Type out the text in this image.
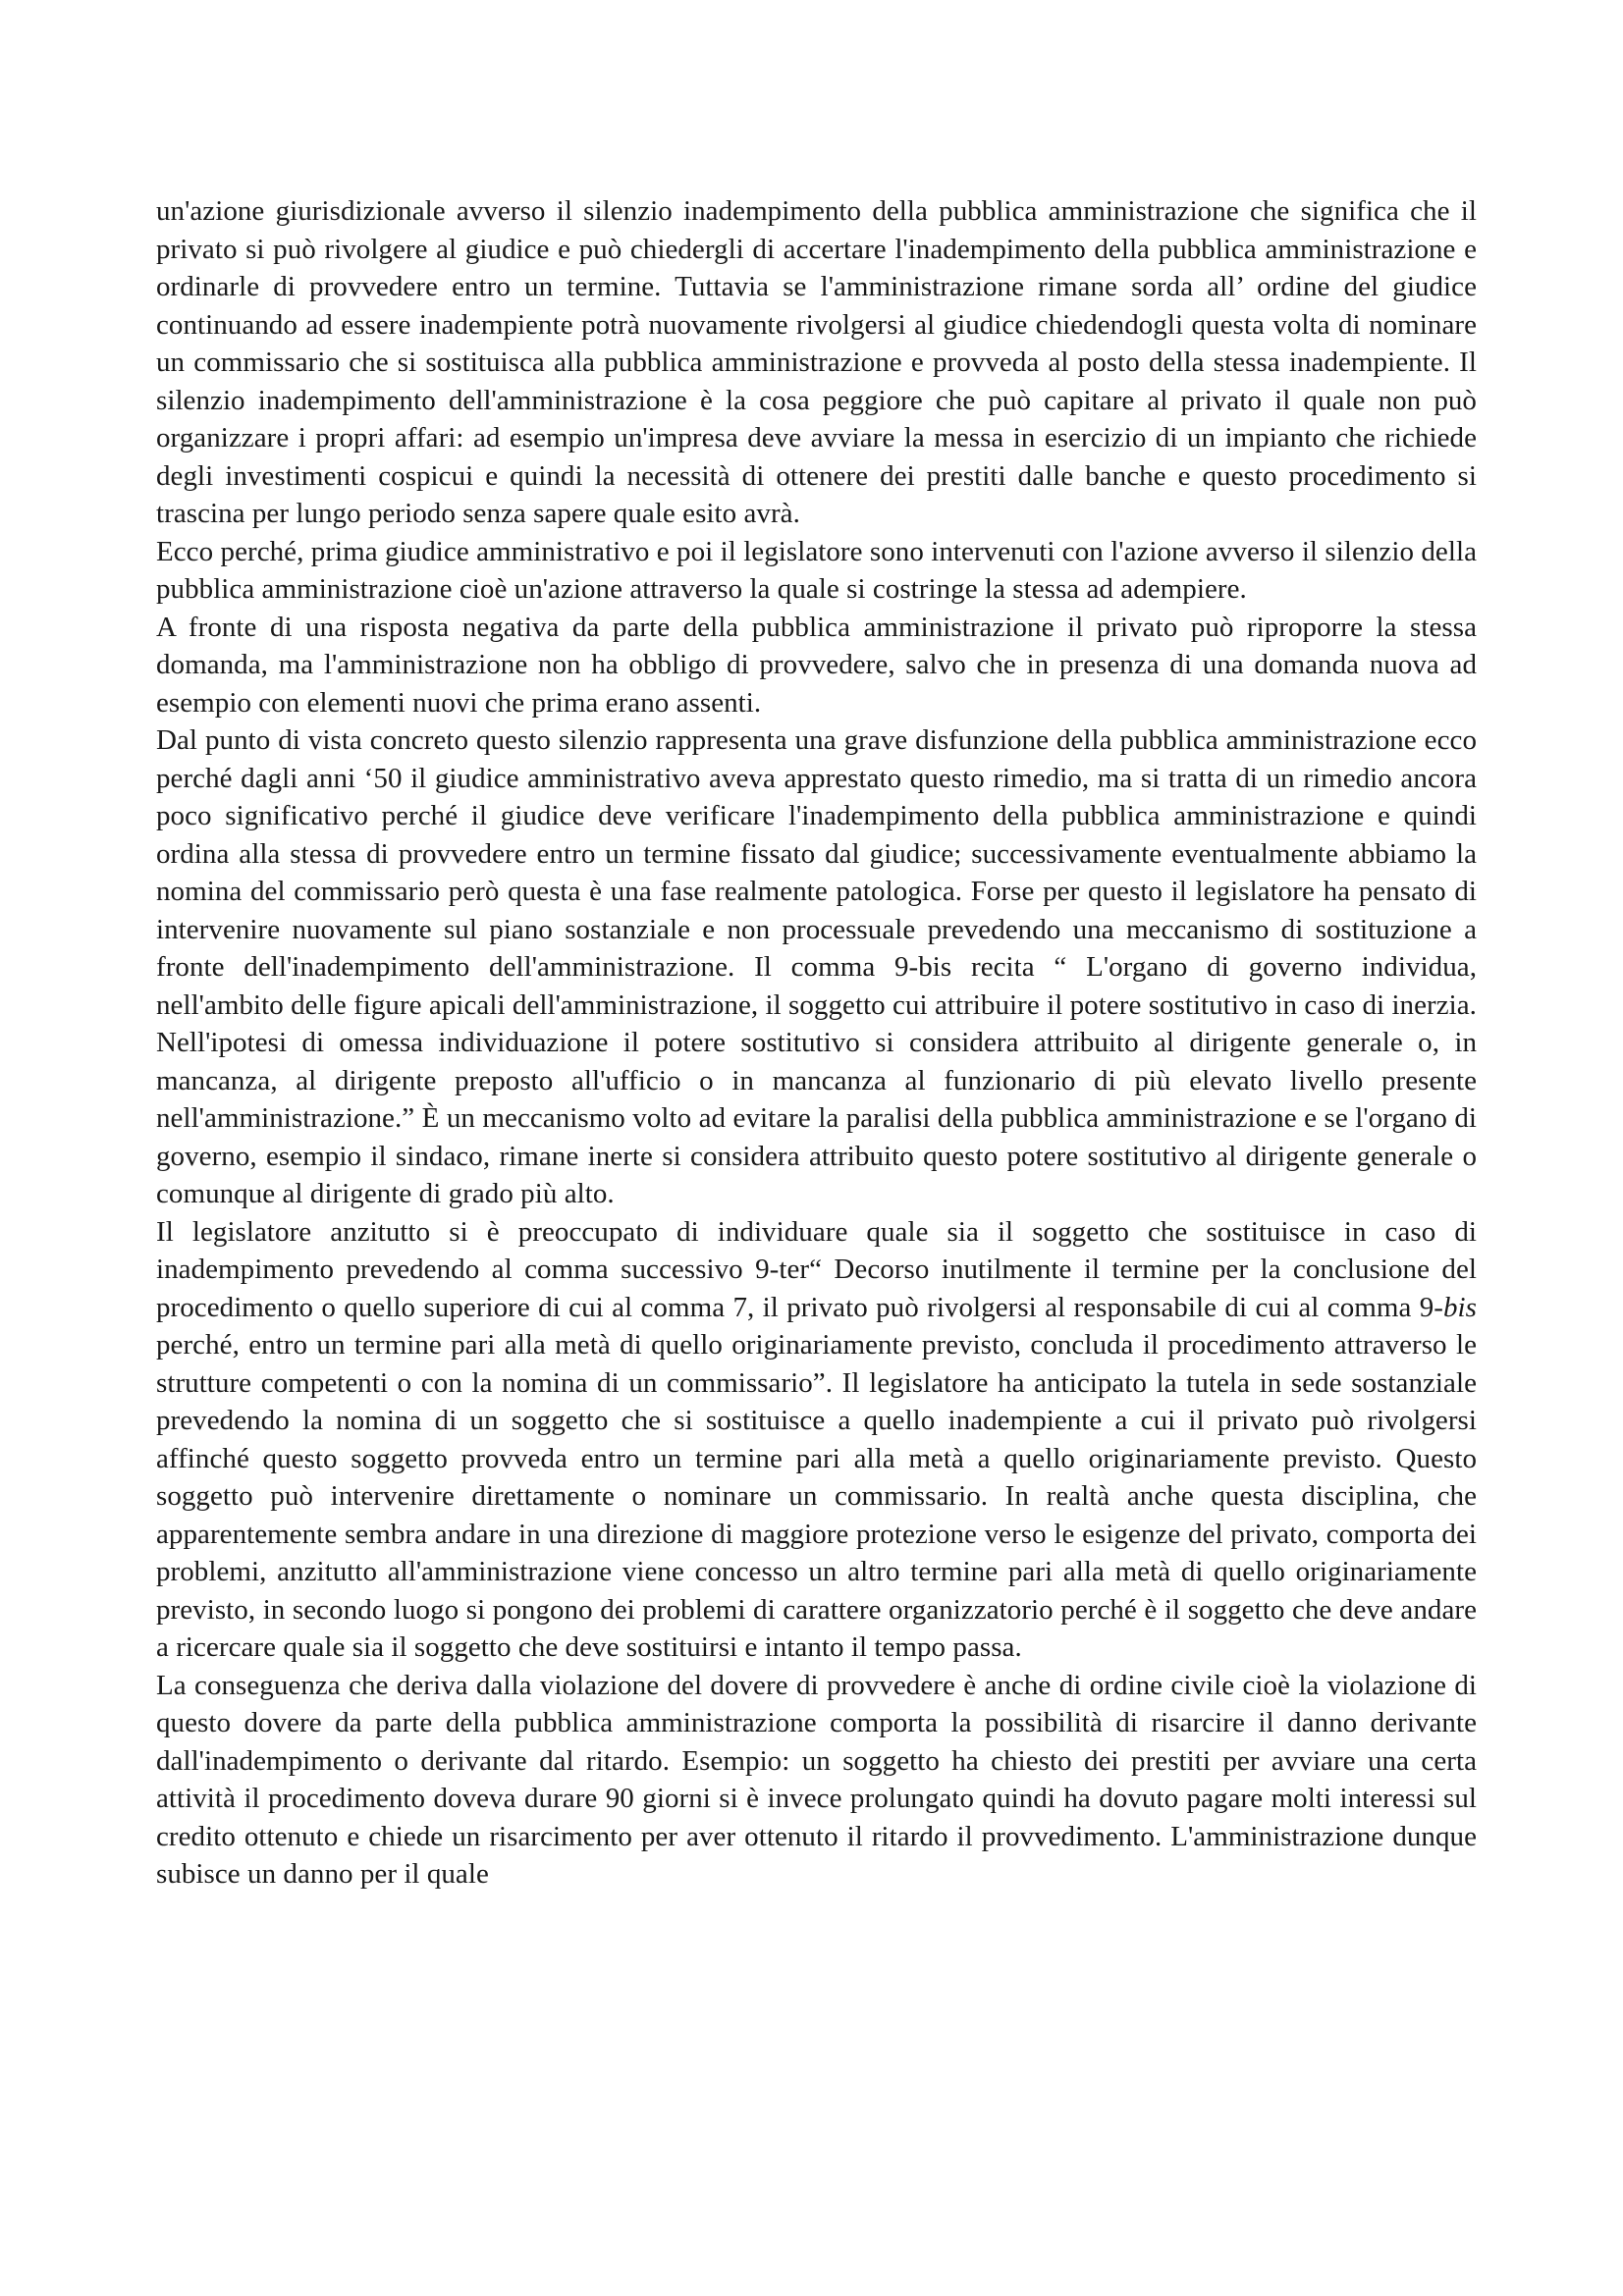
un'azione giurisdizionale avverso il silenzio inadempimento della pubblica amministrazione che significa che il privato si può rivolgere al giudice e può chiedergli di accertare l'inadempimento della pubblica amministrazione e ordinarle di provvedere entro un termine. Tuttavia se l'amministrazione rimane sorda all’ ordine del giudice continuando ad essere inadempiente potrà nuovamente rivolgersi al giudice chiedendogli questa volta di nominare un commissario che si sostituisca alla pubblica amministrazione e provveda al posto della stessa inadempiente. Il silenzio inadempimento dell'amministrazione è la cosa peggiore che può capitare al privato il quale non può organizzare i propri affari: ad esempio un'impresa deve avviare la messa in esercizio di un impianto che richiede degli investimenti cospicui e quindi la necessità di ottenere dei prestiti dalle banche e questo procedimento si trascina per lungo periodo senza sapere quale esito avrà.

Ecco perché, prima giudice amministrativo e poi il legislatore sono intervenuti con l'azione avverso il silenzio della pubblica amministrazione cioè un'azione attraverso la quale si costringe la stessa ad adempiere.

A fronte di una risposta negativa da parte della pubblica amministrazione il privato può riproporre la stessa domanda, ma l'amministrazione non ha obbligo di provvedere, salvo che in presenza di una domanda nuova ad esempio con elementi nuovi che prima erano assenti.

Dal punto di vista concreto questo silenzio rappresenta una grave disfunzione della pubblica amministrazione ecco perché dagli anni ‘50 il giudice amministrativo aveva apprestato questo rimedio, ma si tratta di un rimedio ancora poco significativo perché il giudice deve verificare l'inadempimento della pubblica amministrazione e quindi ordina alla stessa di provvedere entro un termine fissato dal giudice; successivamente eventualmente abbiamo la nomina del commissario però questa è una fase realmente patologica. Forse per questo il legislatore ha pensato di intervenire nuovamente sul piano sostanziale e non processuale prevedendo una meccanismo di sostituzione a fronte dell'inadempimento dell'amministrazione. Il comma 9-bis recita “ L'organo di governo individua, nell'ambito delle figure apicali dell'amministrazione, il soggetto cui attribuire il potere sostitutivo in caso di inerzia. Nell'ipotesi di omessa individuazione il potere sostitutivo si considera attribuito al dirigente generale o, in mancanza, al dirigente preposto all'ufficio o in mancanza al funzionario di più elevato livello presente nell'amministrazione.” È un meccanismo volto ad evitare la paralisi della pubblica amministrazione e se l'organo di governo, esempio il sindaco, rimane inerte si considera attribuito questo potere sostitutivo al dirigente generale o comunque al dirigente di grado più alto.

Il legislatore anzitutto si è preoccupato di individuare quale sia il soggetto che sostituisce in caso di inadempimento prevedendo al comma successivo 9-ter“ Decorso inutilmente il termine per la conclusione del procedimento o quello superiore di cui al comma 7, il privato può rivolgersi al responsabile di cui al comma 9-bis perché, entro un termine pari alla metà di quello originariamente previsto, concluda il procedimento attraverso le strutture competenti o con la nomina di un commissario”. Il legislatore ha anticipato la tutela in sede sostanziale prevedendo la nomina di un soggetto che si sostituisce a quello inadempiente a cui il privato può rivolgersi affinché questo soggetto provveda entro un termine pari alla metà a quello originariamente previsto. Questo soggetto può intervenire direttamente o nominare un commissario. In realtà anche questa disciplina, che apparentemente sembra andare in una direzione di maggiore protezione verso le esigenze del privato, comporta dei problemi, anzitutto all'amministrazione viene concesso un altro termine pari alla metà di quello originariamente previsto, in secondo luogo si pongono dei problemi di carattere organizzatorio perché è il soggetto che deve andare a ricercare quale sia il soggetto che deve sostituirsi e intanto il tempo passa.

La conseguenza che deriva dalla violazione del dovere di provvedere è anche di ordine civile cioè la violazione di questo dovere da parte della pubblica amministrazione comporta la possibilità di risarcire il danno derivante dall'inadempimento o derivante dal ritardo. Esempio: un soggetto ha chiesto dei prestiti per avviare una certa attività il procedimento doveva durare 90 giorni si è invece prolungato quindi ha dovuto pagare molti interessi sul credito ottenuto e chiede un risarcimento per aver ottenuto il ritardo il provvedimento. L'amministrazione dunque subisce un danno per il quale
